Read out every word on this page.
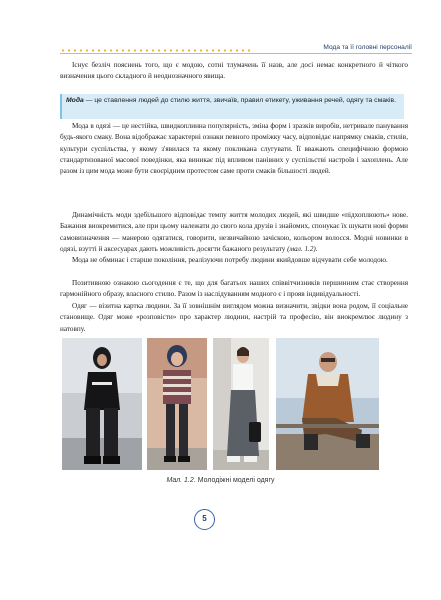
Мода та її головні персоналії

Існує безліч пояснень того, що є модою, сотні тлумачень її назв, але досі немає конкретного й чіткого визначення цього складного й неоднозначного явища.

Мода — це ставлення людей до стилю життя, звичаїв, правил етикету, уживання речей, одягу та смаків.

Мода в одязі — це нестійка, швидкоплинна популярність, зміна форм і зразків виробів, нетривале панування будь-якого смаку. Вона відображає характерні ознаки певного проміжку часу, відповідає напрямку смаків, стилів, культури суспільства, у якому з'явилася та якому покликана слугувати. Її вважають специфічною формою стандартизованої масової поведінки, яка виникає під впливом панівних у суспільстві настроїв і захоплень. Але разом із цим мода може бути своєрідним протестом саме проти смаків більшості людей.

Динамічність моди здебільшого відповідає темпу життя молодих людей, які швидше «підхоплюють» нове. Бажання виокремитися, але при цьому належати до свого кола друзів і знайомих, спонукає їх шукати нові форми самовизначення — манерою одягатися, говорити, незвичайною зачіскою, кольором волосся. Модні новинки в одязі, взутті й аксесуарах дають можливість досягти бажаного результату (мал. 1.2).

Мода не обминає і старше покоління, реалізуючи потребу людини якийдовше відчувати себе молодою.

Позитивною ознакою сьогодення є те, що для багатьох наших співвітчизників першинним стає створення гармонійного образу, власного стилю. Разом із наслідуванням модного є і прояв індивідуальності.

Одяг — візитна картка людини. За її зовнішнім виглядом можна визначити, звідки вона родом, її соціальне становище. Одяг може «розповісти» про характер людини, настрій та професію, він виокремлює людину з натовпу.

Мал. 1.2. Молодіжні моделі одягу
5
